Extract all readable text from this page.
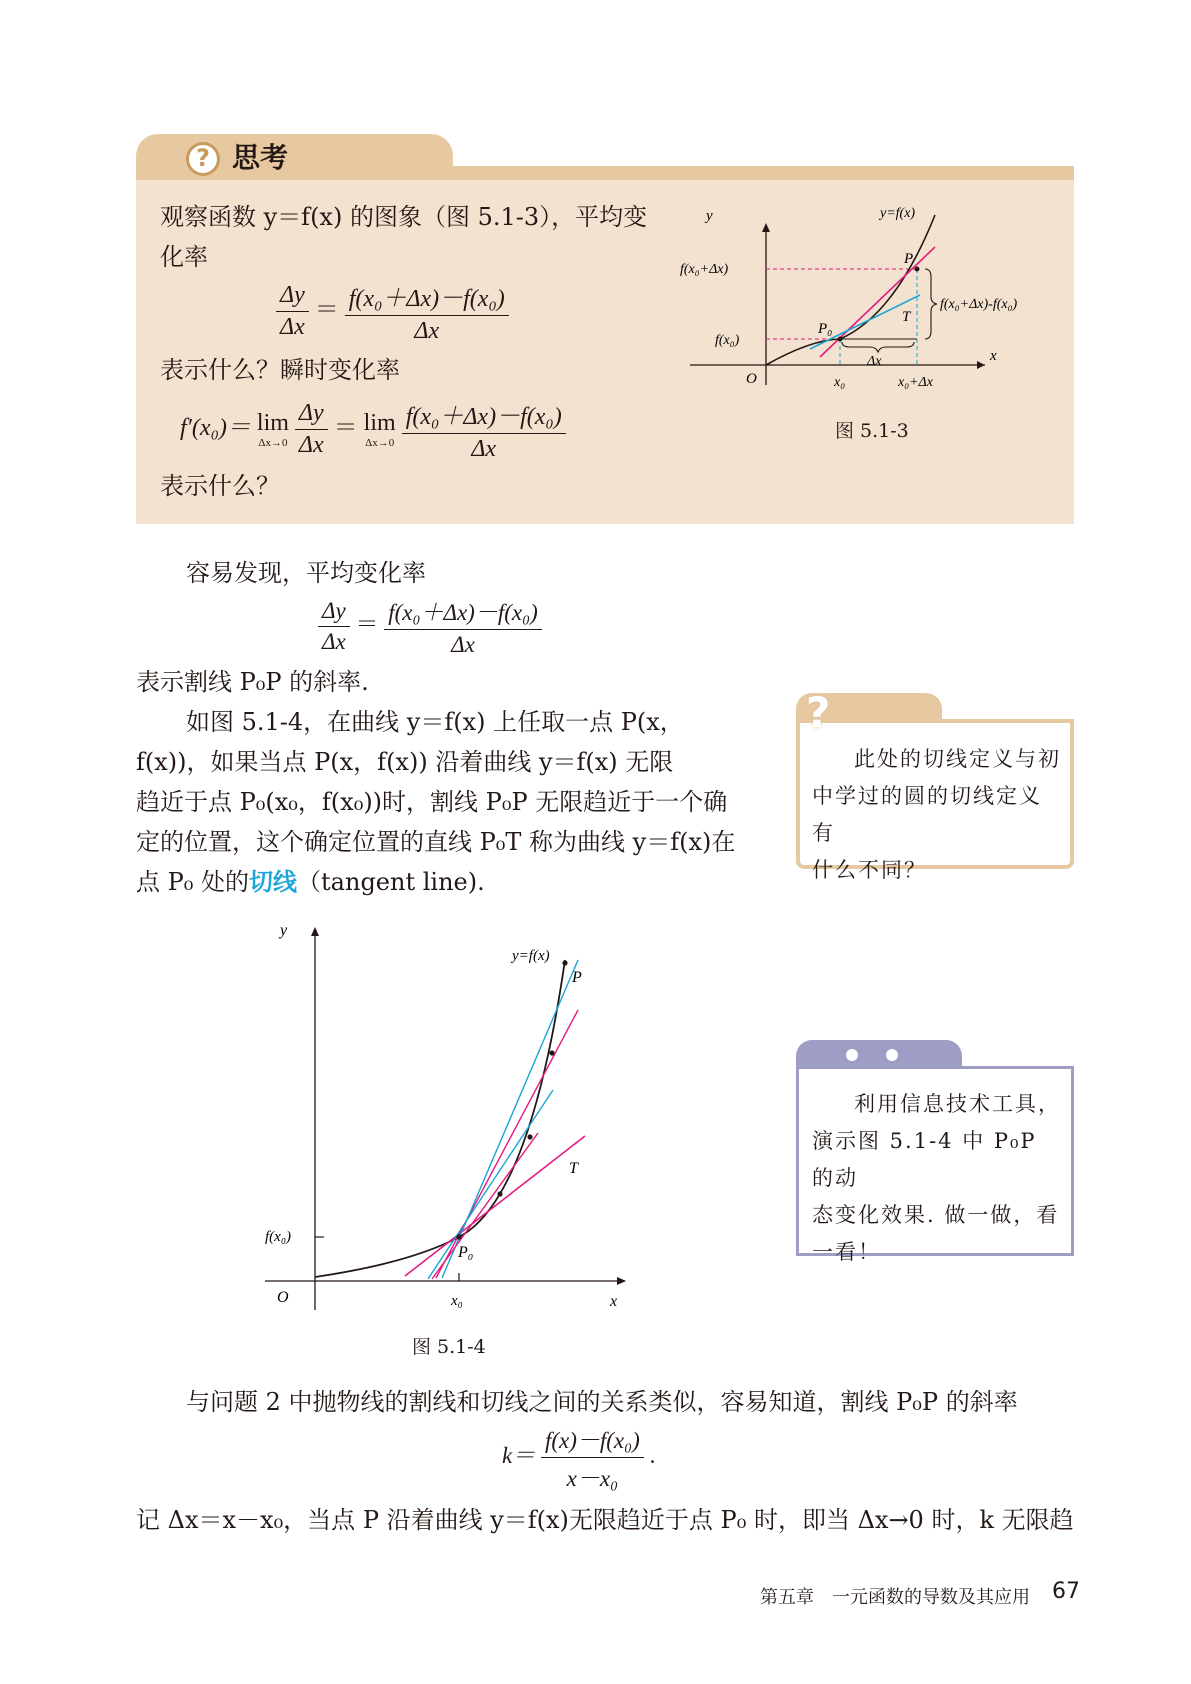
? 思考
观察函数 y＝f(x) 的图象（图 5.1-3），平均变化率
$\frac{\Delta y}{\Delta x} = \frac{\text{f(x₀＋Δx)－f(x₀)}}{\Delta x}$
表示什么？瞬时变化率
f′(x₀)＝ lim
Δx→0
$\frac{\Delta y}{\Delta x} = \lim$
Δx→0
$\frac{\text{f(x₀＋Δx)－f(x₀)}}{\Delta x}$
表示什么？
y
x
O
y=f(x)
f(x₀+Δx)
f(x₀)
x₀	x₀+Δx
P
P₀
T
Δx
f(x₀+Δx)-f(x₀)
图 5.1-3
容易发现，平均变化率
$\frac{\Delta y}{\Delta x} = \frac{\text{f(x₀＋Δx)－f(x₀)}}{\Delta x}$
表示割线 P₀P 的斜率.
如图 5.1-4，在曲线 y＝f(x) 上任取一点 P(x，
f(x))，如果当点 P(x，f(x)) 沿着曲线 y＝f(x) 无限
趋近于点 P₀(x₀，f(x₀))时，割线 P₀P 无限趋近于一个确
定的位置，这个确定位置的直线 P₀T 称为曲线 y＝f(x)在
点 P₀ 处的切线（tangent line).
?
此处的切线定义与初
中学过的圆的切线定义有
什么不同？
y
x
O
y=f(x)
P
P₀
T
f(x₀)
x₀
图 5.1-4
利用信息技术工具，
演示图 5.1-4 中 P₀P 的动
态变化效果. 做一做，看
一看！
与问题 2 中抛物线的割线和切线之间的关系类似，容易知道，割线 P₀P 的斜率
$k= \frac{\text{f(x)－f(x₀)}}{\text{x－x₀}}$ .
记 Δx＝x－x₀，当点 P 沿着曲线 y＝f(x)无限趋近于点 P₀ 时，即当 Δx→0 时，k 无限趋
第五章　一元函数的导数及其应用 67
